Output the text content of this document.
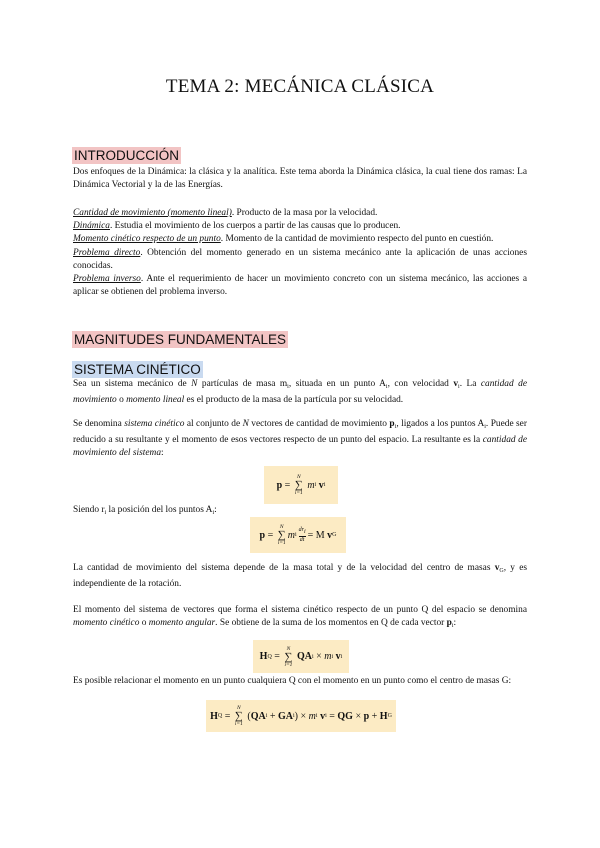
TEMA 2: MECÁNICA CLÁSICA
INTRODUCCIÓN
Dos enfoques de la Dinámica: la clásica y la analítica. Este tema aborda la Dinámica clásica, la cual tiene dos ramas: La Dinámica Vectorial y la de las Energías.
Cantidad de movimiento (momento lineal). Producto de la masa por la velocidad.
Dinámica. Estudia el movimiento de los cuerpos a partir de las causas que lo producen.
Momento cinético respecto de un punto. Momento de la cantidad de movimiento respecto del punto en cuestión.
Problema directo. Obtención del momento generado en un sistema mecánico ante la aplicación de unas acciones conocidas.
Problema inverso. Ante el requerimiento de hacer un movimiento concreto con un sistema mecánico, las acciones a aplicar se obtienen del problema inverso.
MAGNITUDES FUNDAMENTALES
SISTEMA CINÉTICO
Sea un sistema mecánico de N partículas de masa $m_i$, situada en un punto $A_i$, con velocidad $v_i$. La cantidad de movimiento o momento lineal es el producto de la masa de la partícula por su velocidad.
Se denomina sistema cinético al conjunto de N vectores de cantidad de movimiento $p_i$, ligados a los puntos $A_i$. Puede ser reducido a su resultante y el momento de esos vectores respecto de un punto del espacio. La resultante es la cantidad de movimiento del sistema:
p =
N
∑
i=1

m i
v i
Siendo $r_i$ la posición del los puntos $A_i$:
p =
N
∑
i=1
m i $\frac{dr_i}{dt} = M$ v G
La cantidad de movimiento del sistema depende de la masa total y de la velocidad del centro de masas $v_G$, y es independiente de la rotación.
El momento del sistema de vectores que forma el sistema cinético respecto de un punto Q del espacio se denomina momento cinético o momento angular. Se obtiene de la suma de los momentos en Q de cada vector $p_i$:
H Q =
N
∑
i=1

QA i × m i
v i
Es posible relacionar el momento en un punto cualquiera Q con el momento en un punto como el centro de masas G:
H Q =
N
∑
i=1
( QA i + GA i ) × m i
v i = QG × p + H G
